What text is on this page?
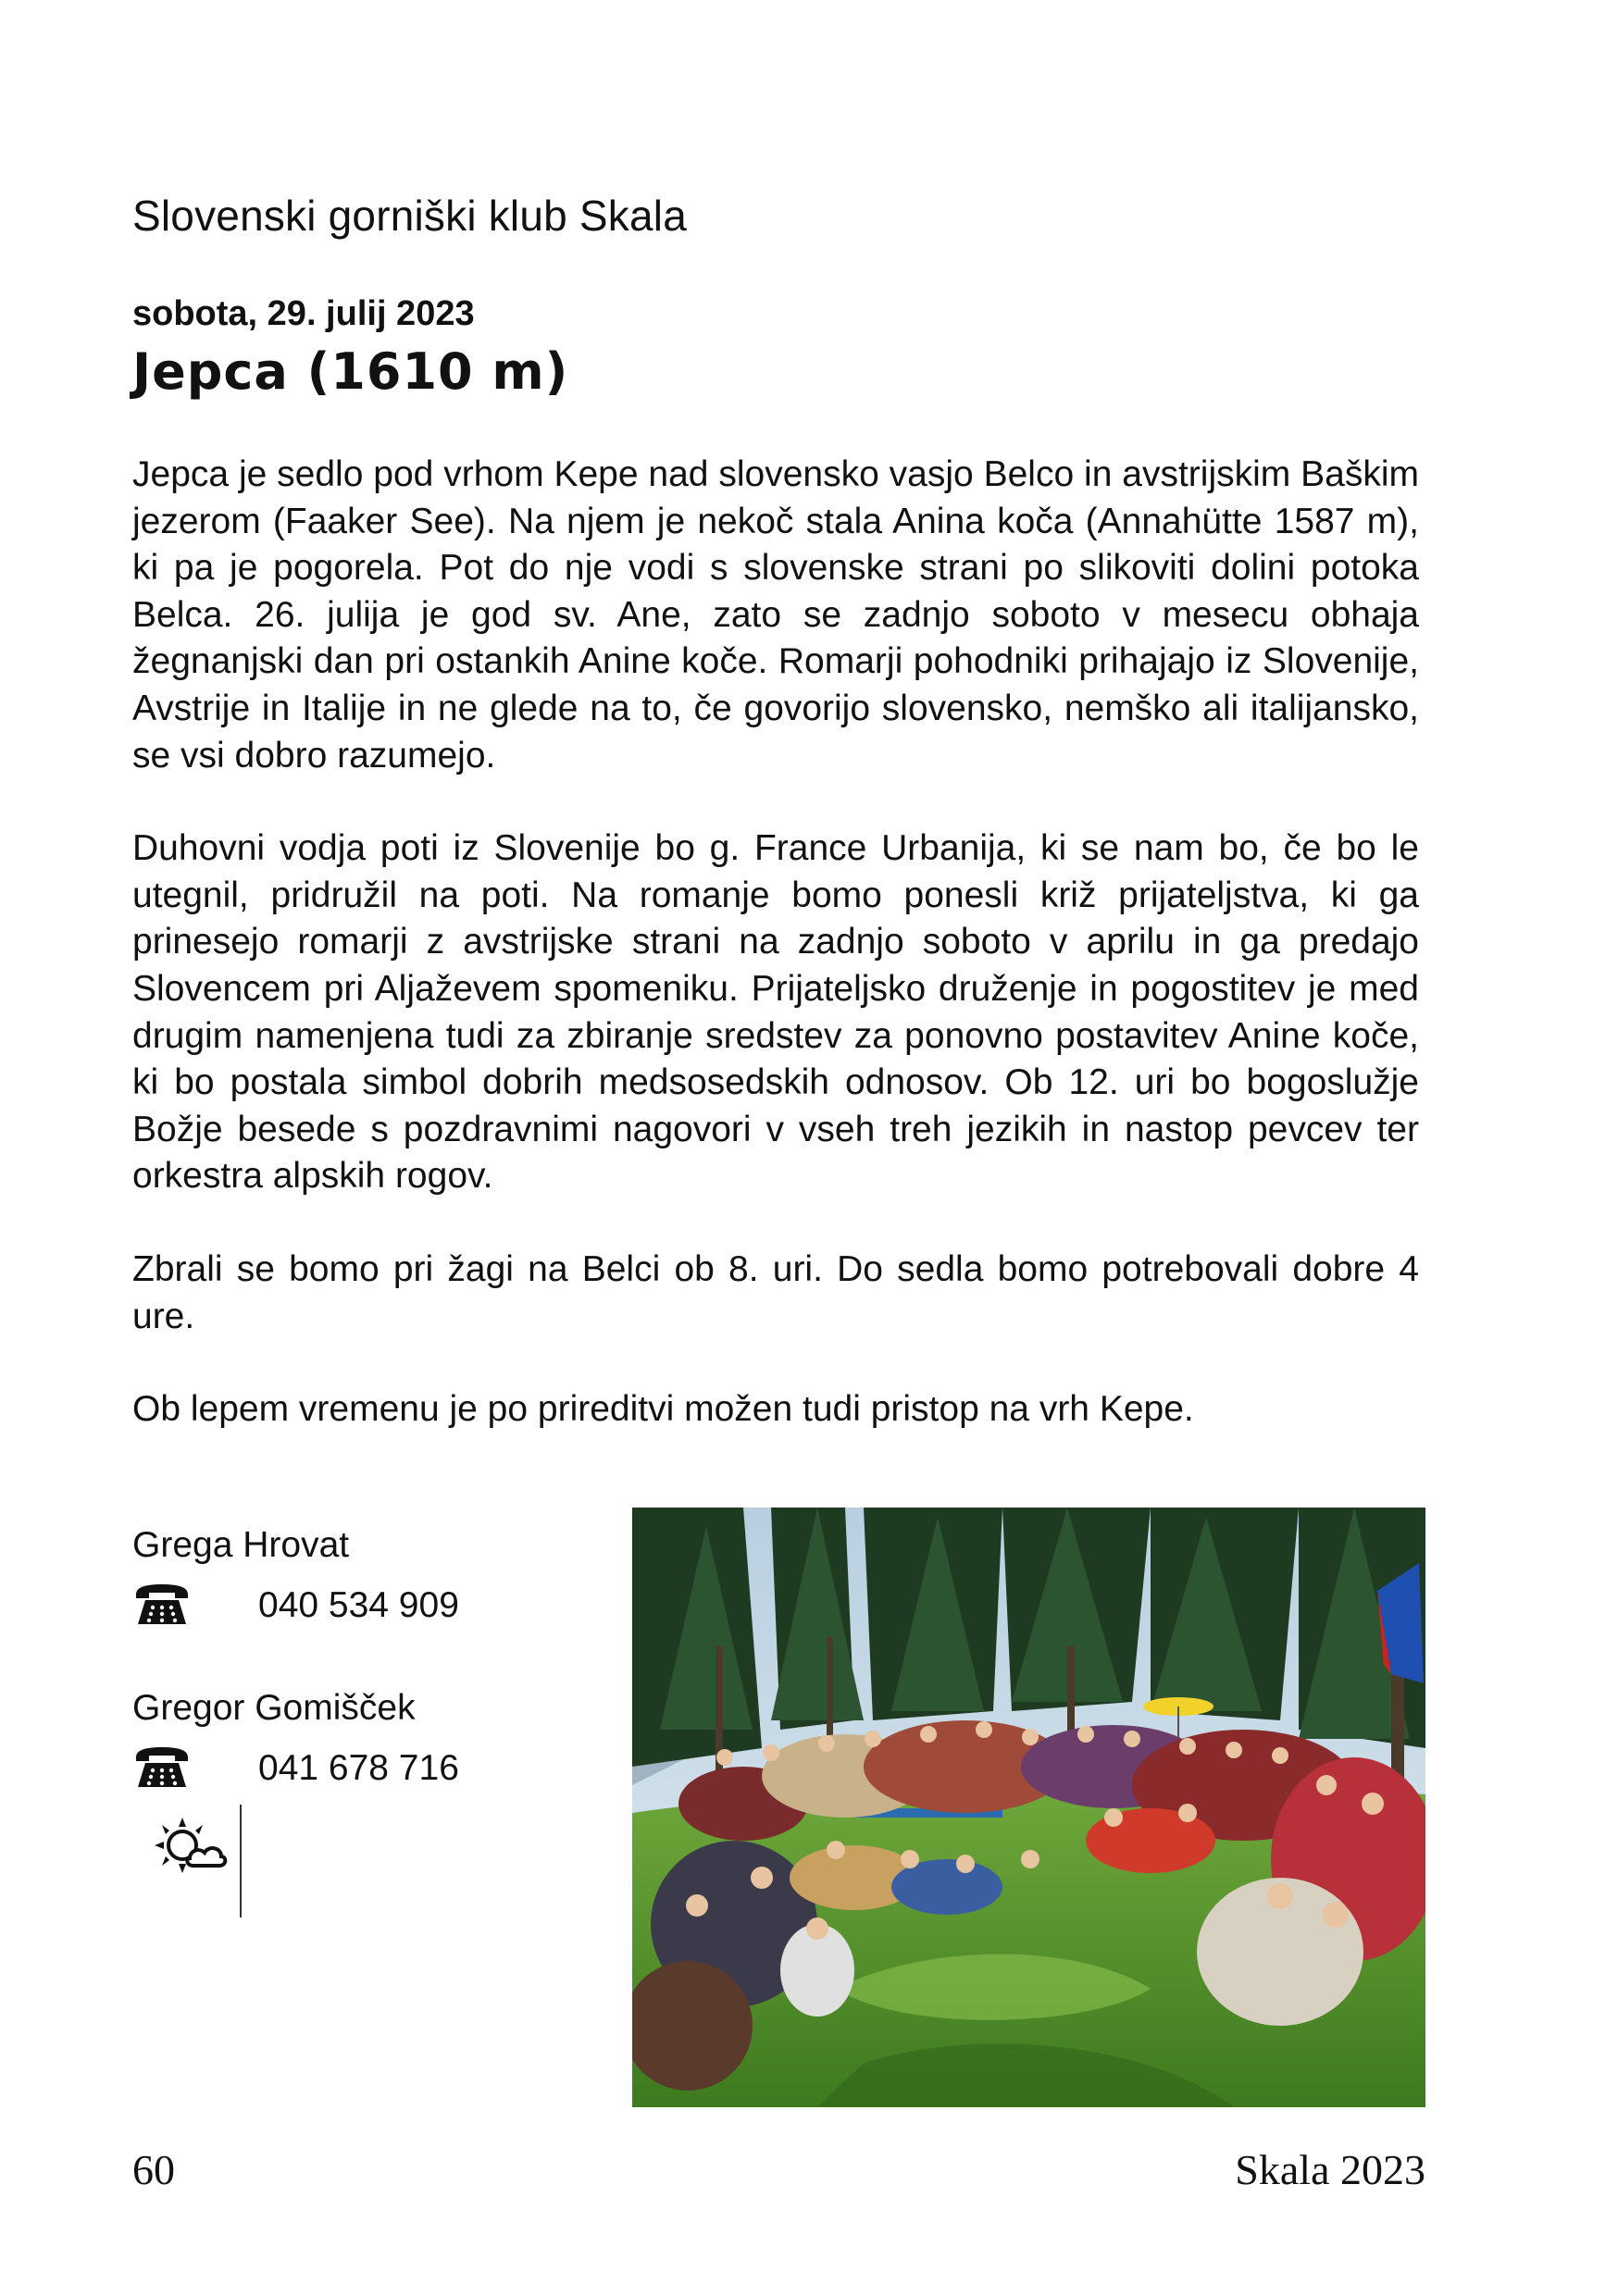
Slovenski gorniški klub Skala
sobota, 29. julij 2023
Jepca (1610 m)

Jepca je sedlo pod vrhom Kepe nad slovensko vasjo Belco in avstrijskim Baškim jezerom (Faaker See). Na njem je nekoč stala Anina koča (Annahütte 1587 m), ki pa je pogorela. Pot do nje vodi s slovenske strani po slikoviti dolini potoka Belca. 26. julija je god sv. Ane, zato se zadnjo soboto v mesecu obhaja žegnanjski dan pri ostankih Anine koče. Romarji pohodniki prihajajo iz Slovenije, Avstrije in Italije in ne glede na to, če govorijo slovensko, nemško ali italijansko, se vsi dobro razumejo.

Duhovni vodja poti iz Slovenije bo g. France Urbanija, ki se nam bo, če bo le utegnil, pridružil na poti. Na romanje bomo ponesli križ prijateljstva, ki ga prinesejo romarji z avstrijske strani na zadnjo soboto v aprilu in ga predajo Slovencem pri Aljaževem spomeniku. Prijateljsko druženje in pogostitev je med drugim namenjena tudi za zbiranje sredstev za ponovno postavitev Anine koče, ki bo postala simbol dobrih medsosedskih odnosov. Ob 12. uri bo bogoslužje Božje besede s pozdravnimi nagovori v vseh treh jezikih in nastop pevcev ter orkestra alpskih rogov.

Zbrali se bomo pri žagi na Belci ob 8. uri. Do sedla bomo potrebovali dobre 4 ure.

Ob lepem vremenu je po prireditvi možen tudi pristop na vrh Kepe.

Grega Hrovat
040 534 909
Gregor Gomišček
041 678 716
60	Skala 2023
